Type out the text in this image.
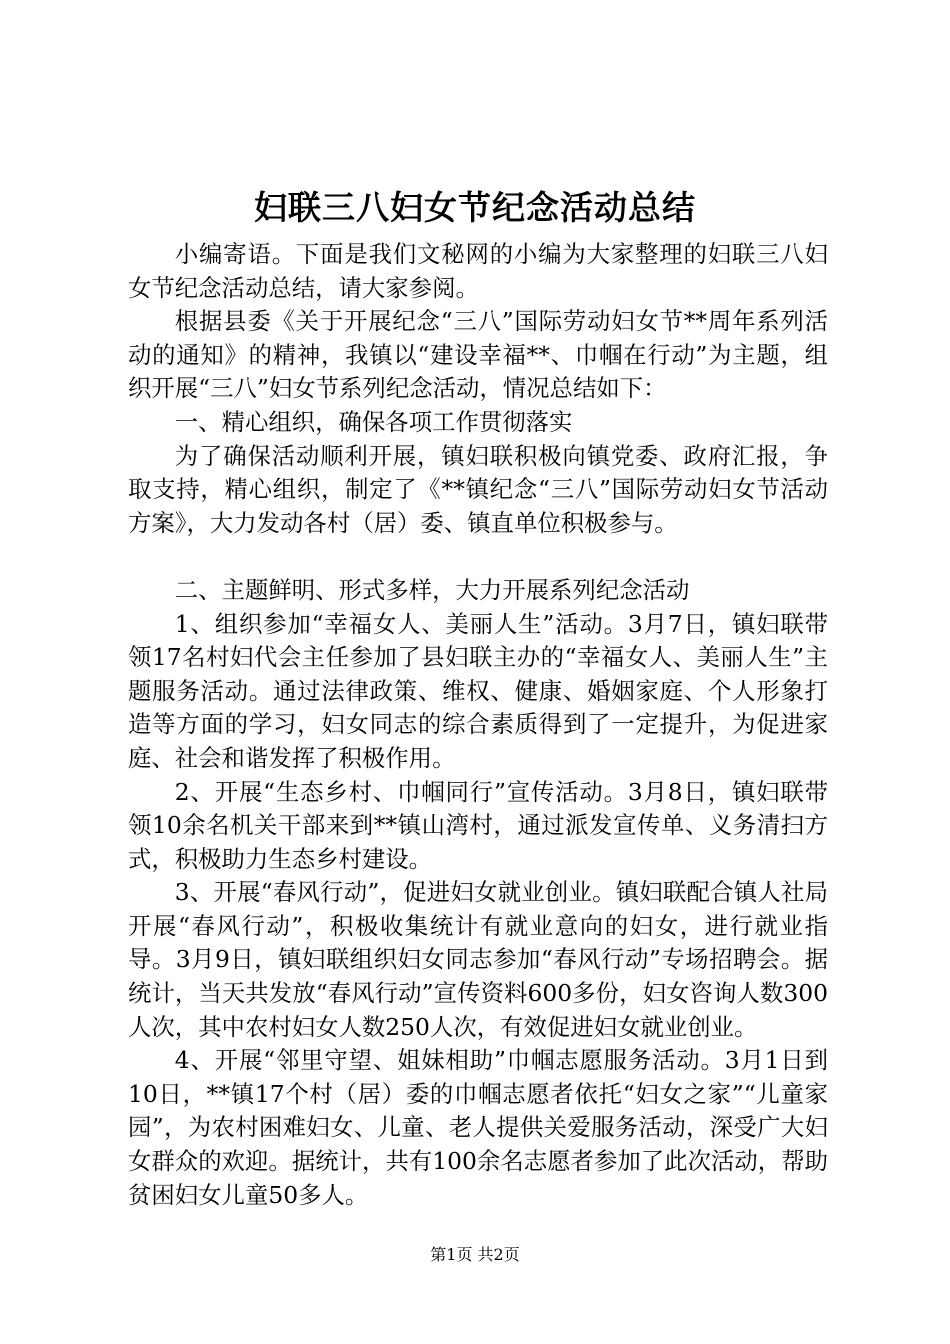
妇联三八妇女节纪念活动总结

小编寄语。下面是我们文秘网的小编为大家整理的妇联三八妇女节纪念活动总结，请大家参阅。

根据县委《关于开展纪念“三八”国际劳动妇女节**周年系列活动的通知》的精神，我镇以“建设幸福**、巾帼在行动”为主题，组织开展“三八”妇女节系列纪念活动，情况总结如下：

一、精心组织，确保各项工作贯彻落实

为了确保活动顺利开展，镇妇联积极向镇党委、政府汇报，争取支持，精心组织，制定了《**镇纪念“三八”国际劳动妇女节活动方案》，大力发动各村（居）委、镇直单位积极参与。

二、主题鲜明、形式多样，大力开展系列纪念活动

1、组织参加“幸福女人、美丽人生”活动。3月7日，镇妇联带领17名村妇代会主任参加了县妇联主办的“幸福女人、美丽人生”主题服务活动。通过法律政策、维权、健康、婚姻家庭、个人形象打造等方面的学习，妇女同志的综合素质得到了一定提升，为促进家庭、社会和谐发挥了积极作用。

2、开展“生态乡村、巾帼同行”宣传活动。3月8日，镇妇联带领10余名机关干部来到**镇山湾村，通过派发宣传单、义务清扫方式，积极助力生态乡村建设。

3、开展“春风行动”，促进妇女就业创业。镇妇联配合镇人社局开展“春风行动”，积极收集统计有就业意向的妇女，进行就业指导。3月9日，镇妇联组织妇女同志参加“春风行动”专场招聘会。据统计，当天共发放“春风行动”宣传资料600多份，妇女咨询人数300人次，其中农村妇女人数250人次，有效促进妇女就业创业。

4、开展“邻里守望、姐妹相助”巾帼志愿服务活动。3月1日到10日，**镇17个村（居）委的巾帼志愿者依托“妇女之家”“儿童家园”，为农村困难妇女、儿童、老人提供关爱服务活动，深受广大妇女群众的欢迎。据统计，共有100余名志愿者参加了此次活动，帮助贫困妇女儿童50多人。

第1页 共2页
